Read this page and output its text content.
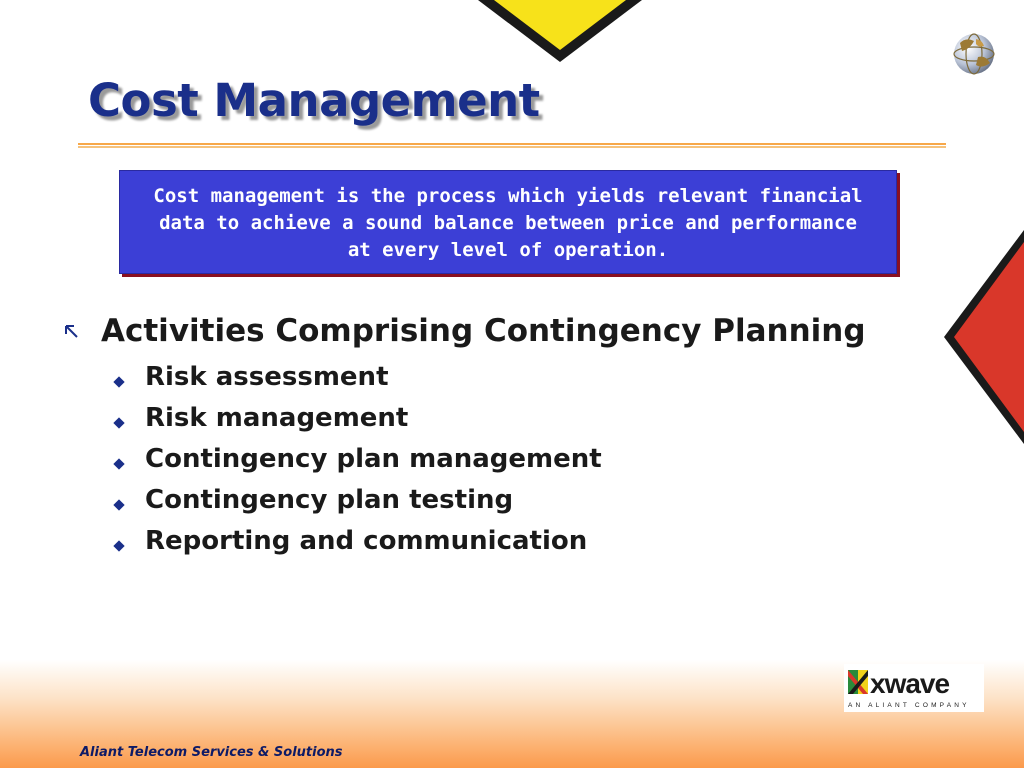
Cost Management
Cost management is the process which yields relevant financial data to achieve a sound balance between price and performance at every level of operation.
Activities Comprising Contingency Planning
Risk assessment
Risk management
Contingency plan management
Contingency plan testing
Reporting and communication
xwave
AN ALIANT COMPANY
Aliant Telecom Services & Solutions
